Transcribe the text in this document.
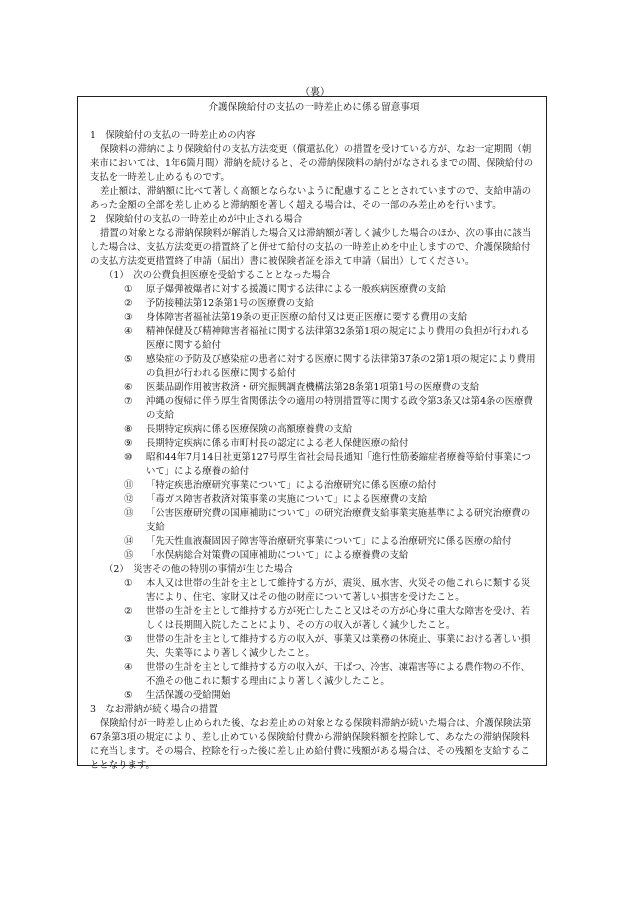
（裏）
介護保険給付の支払の一時差止めに係る留意事項
1　保険給付の支払の一時差止めの内容

保険料の滞納により保険給付の支払方法変更（償還払化）の措置を受けている方が、なお一定期間（朝来市においては、1年6箇月間）滞納を続けると、その滞納保険料の納付がなされるまでの間、保険給付の支払を一時差し止めるものです。

差止額は、滞納額に比べて著しく高額とならないように配慮することとされていますので、支給申請のあった金額の全部を差し止めると滞納額を著しく超える場合は、その一部のみ差止めを行います。

2　保険給付の支払の一時差止めが中止される場合

措置の対象となる滞納保険料が解消した場合又は滞納額が著しく減少した場合のほか、次の事由に該当した場合は、支払方法変更の措置終了と併せて給付の支払の一時差止めを中止しますので、介護保険給付の支払方法変更措置終了申請（届出）書に被保険者証を添えて申請（届出）してください。

（1）　次の公費負担医療を受給することとなった場合
①	原子爆弾被爆者に対する援護に関する法律による一般疾病医療費の支給
②	予防接種法第12条第1号の医療費の支給
③	身体障害者福祉法第19条の更正医療の給付又は更正医療に要する費用の支給
④	精神保健及び精神障害者福祉に関する法律第32条第1項の規定により費用の負担が行われる医療に関する給付
⑤	感染症の予防及び感染症の患者に対する医療に関する法律第37条の2第1項の規定により費用の負担が行われる医療に関する給付
⑥	医薬品副作用被害救済・研究振興調査機構法第28条第1項第1号の医療費の支給
⑦	沖縄の復帰に伴う厚生省関係法令の適用の特別措置等に関する政令第3条又は第4条の医療費の支給
⑧	長期特定疾病に係る医療保険の高額療養費の支給
⑨	長期特定疾病に係る市町村長の認定による老人保健医療の給付
⑩	昭和44年7月14日社更第127号厚生省社会局長通知「進行性筋萎縮症者療養等給付事業について」による療養の給付
⑪	「特定疾患治療研究事業について」による治療研究に係る医療の給付
⑫	「毒ガス障害者救済対策事業の実施について」による医療費の支給
⑬	「公害医療研究費の国庫補助について」の研究治療費支給事業実施基準による研究治療費の支給
⑭	「先天性血液凝固因子障害等治療研究事業について」による治療研究に係る医療の給付
⑮	「水俣病総合対策費の国庫補助について」による療養費の支給
（2）　災害その他の特別の事情が生じた場合
①	本人又は世帯の生計を主として維持する方が、震災、風水害、火災その他これらに類する災害により、住宅、家財又はその他の財産について著しい損害を受けたこと。
②	世帯の生計を主として維持する方が死亡したこと又はその方が心身に重大な障害を受け、若しくは長期間入院したことにより、その方の収入が著しく減少したこと。
③	世帯の生計を主として維持する方の収入が、事業又は業務の休廃止、事業における著しい損失、失業等により著しく減少したこと。
④	世帯の生計を主として維持する方の収入が、干ばつ、冷害、凍霜害等による農作物の不作、不漁その他これに類する理由により著しく減少したこと。
⑤	生活保護の受給開始
3　なお滞納が続く場合の措置

保険給付が一時差し止められた後、なお差止めの対象となる保険料滞納が続いた場合は、介護保険法第67条第3項の規定により、差し止めている保険給付費から滞納保険料額を控除して、あなたの滞納保険料に充当します。その場合、控除を行った後に差し止め給付費に残額がある場合は、その残額を支給することとなります。
